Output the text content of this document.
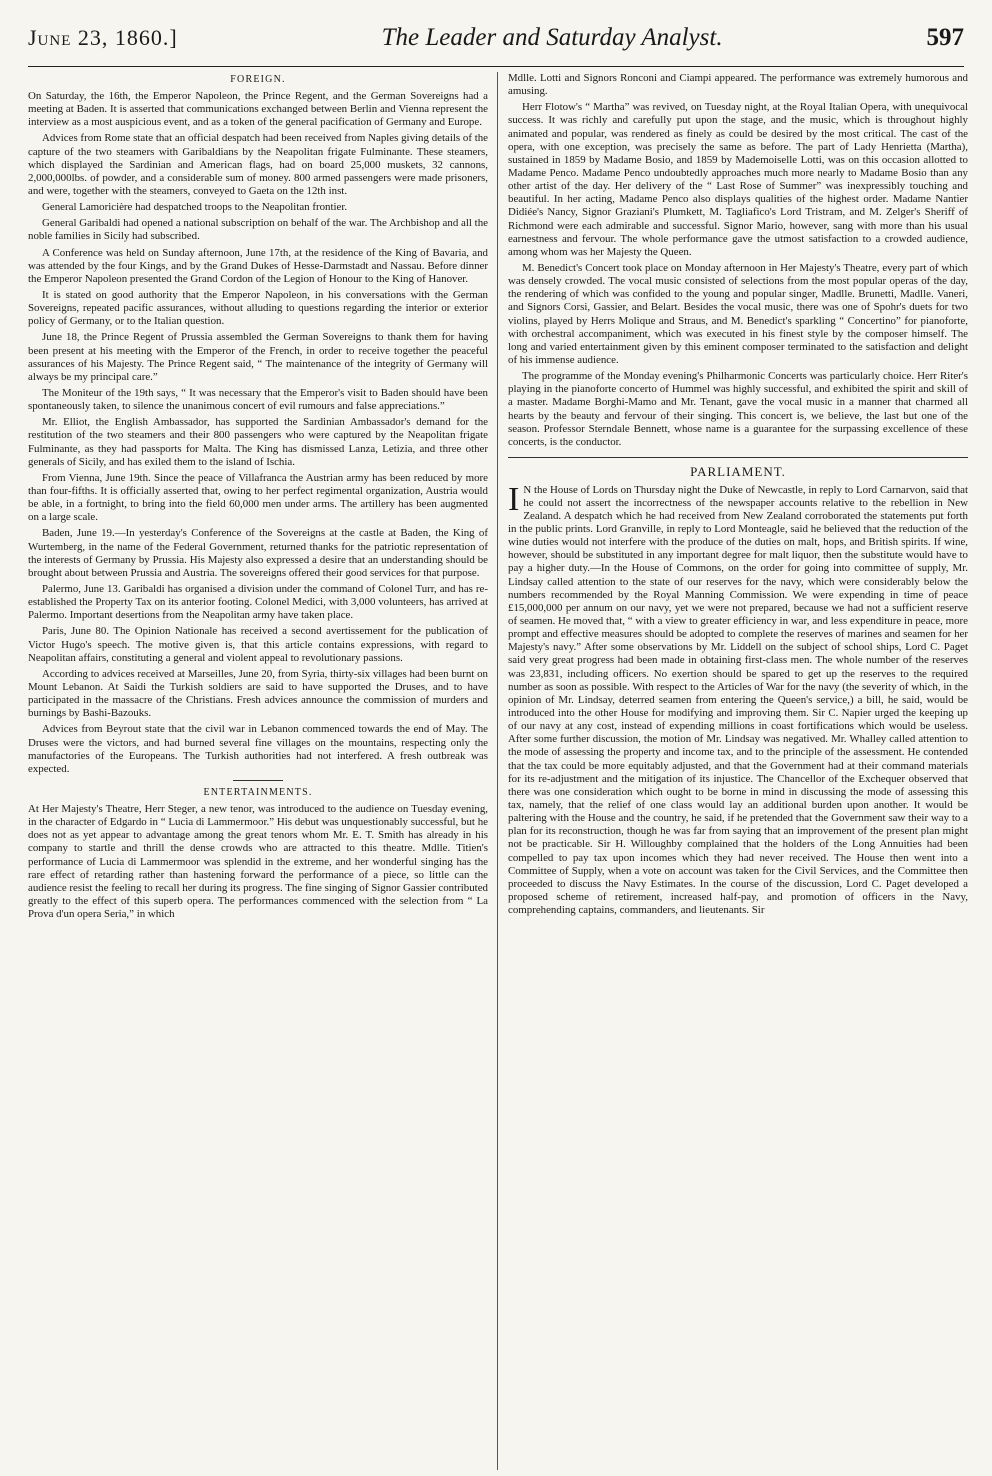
June 23, 1860.]	The Leader and Saturday Analyst.	597
FOREIGN.

On Saturday, the 16th, the Emperor Napoleon, the Prince Regent, and the German Sovereigns had a meeting at Baden. It is asserted that communications exchanged between Berlin and Vienna represent the interview as a most auspicious event, and as a token of the general pacification of Germany and Europe.

Advices from Rome state that an official despatch had been received from Naples giving details of the capture of the two steamers with Garibaldians by the Neapolitan frigate Fulminante. These steamers, which displayed the Sardinian and American flags, had on board 25,000 muskets, 32 cannons, 2,000,000lbs. of powder, and a considerable sum of money. 800 armed passengers were made prisoners, and were, together with the steamers, conveyed to Gaeta on the 12th inst.

General Lamoricière had despatched troops to the Neapolitan frontier.

General Garibaldi had opened a national subscription on behalf of the war. The Archbishop and all the noble families in Sicily had subscribed.

A Conference was held on Sunday afternoon, June 17th, at the residence of the King of Bavaria, and was attended by the four Kings, and by the Grand Dukes of Hesse-Darmstadt and Nassau. Before dinner the Emperor Napoleon presented the Grand Cordon of the Legion of Honour to the King of Hanover.

It is stated on good authority that the Emperor Napoleon, in his conversations with the German Sovereigns, repeated pacific assurances, without alluding to questions regarding the interior or exterior policy of Germany, or to the Italian question.

June 18, the Prince Regent of Prussia assembled the German Sovereigns to thank them for having been present at his meeting with the Emperor of the French, in order to receive together the peaceful assurances of his Majesty. The Prince Regent said, “ The maintenance of the integrity of Germany will always be my principal care.”

The Moniteur of the 19th says, “ It was necessary that the Emperor's visit to Baden should have been spontaneously taken, to silence the unanimous concert of evil rumours and false appreciations.”

Mr. Elliot, the English Ambassador, has supported the Sardinian Ambassador's demand for the restitution of the two steamers and their 800 passengers who were captured by the Neapolitan frigate Fulminante, as they had passports for Malta. The King has dismissed Lanza, Letizia, and three other generals of Sicily, and has exiled them to the island of Ischia.

From Vienna, June 19th. Since the peace of Villafranca the Austrian army has been reduced by more than four-fifths. It is officially asserted that, owing to her perfect regimental organization, Austria would be able, in a fortnight, to bring into the field 60,000 men under arms. The artillery has been augmented on a large scale.

Baden, June 19.—In yesterday's Conference of the Sovereigns at the castle at Baden, the King of Wurtemberg, in the name of the Federal Government, returned thanks for the patriotic representation of the interests of Germany by Prussia. His Majesty also expressed a desire that an understanding should be brought about between Prussia and Austria. The sovereigns offered their good services for that purpose.

Palermo, June 13. Garibaldi has organised a division under the command of Colonel Turr, and has re-established the Property Tax on its anterior footing. Colonel Medici, with 3,000 volunteers, has arrived at Palermo. Important desertions from the Neapolitan army have taken place.

Paris, June 80. The Opinion Nationale has received a second avertissement for the publication of Victor Hugo's speech. The motive given is, that this article contains expressions, with regard to Neapolitan affairs, constituting a general and violent appeal to revolutionary passions.

According to advices received at Marseilles, June 20, from Syria, thirty-six villages had been burnt on Mount Lebanon. At Saidi the Turkish soldiers are said to have supported the Druses, and to have participated in the massacre of the Christians. Fresh advices announce the commission of murders and burnings by Bashi-Bazouks.

Advices from Beyrout state that the civil war in Lebanon commenced towards the end of May. The Druses were the victors, and had burned several fine villages on the mountains, respecting only the manufactories of the Europeans. The Turkish authorities had not interfered. A fresh outbreak was expected.

ENTERTAINMENTS.

At Her Majesty's Theatre, Herr Steger, a new tenor, was introduced to the audience on Tuesday evening, in the character of Edgardo in “ Lucia di Lammermoor.” His debut was unquestionably successful, but he does not as yet appear to advantage among the great tenors whom Mr. E. T. Smith has already in his company to startle and thrill the dense crowds who are attracted to this theatre. Mdlle. Titien's performance of Lucia di Lammermoor was splendid in the extreme, and her wonderful singing has the rare effect of retarding rather than hastening forward the performance of a piece, so little can the audience resist the feeling to recall her during its progress. The fine singing of Signor Gassier contributed greatly to the effect of this superb opera. The performances commenced with the selection from “ La Prova d'un opera Seria,” in which

Mdlle. Lotti and Signors Ronconi and Ciampi appeared. The performance was extremely humorous and amusing.

Herr Flotow's “ Martha” was revived, on Tuesday night, at the Royal Italian Opera, with unequivocal success. It was richly and carefully put upon the stage, and the music, which is throughout highly animated and popular, was rendered as finely as could be desired by the most critical. The cast of the opera, with one exception, was precisely the same as before. The part of Lady Henrietta (Martha), sustained in 1859 by Madame Bosio, and 1859 by Mademoiselle Lotti, was on this occasion allotted to Madame Penco. Madame Penco undoubtedly approaches much more nearly to Madame Bosio than any other artist of the day. Her delivery of the “ Last Rose of Summer” was inexpressibly touching and beautiful. In her acting, Madame Penco also displays qualities of the highest order. Madame Nantier Didiée's Nancy, Signor Graziani's Plumkett, M. Tagliafico's Lord Tristram, and M. Zelger's Sheriff of Richmond were each admirable and successful. Signor Mario, however, sang with more than his usual earnestness and fervour. The whole performance gave the utmost satisfaction to a crowded audience, among whom was her Majesty the Queen.

M. Benedict's Concert took place on Monday afternoon in Her Majesty's Theatre, every part of which was densely crowded. The vocal music consisted of selections from the most popular operas of the day, the rendering of which was confided to the young and popular singer, Madlle. Brunetti, Madlle. Vaneri, and Signors Corsi, Gassier, and Belart. Besides the vocal music, there was one of Spohr's duets for two violins, played by Herrs Molique and Straus, and M. Benedict's sparkling “ Concertino” for pianoforte, with orchestral accompaniment, which was executed in his finest style by the composer himself. The long and varied entertainment given by this eminent composer terminated to the satisfaction and delight of his immense audience.

The programme of the Monday evening's Philharmonic Concerts was particularly choice. Herr Riter's playing in the pianoforte concerto of Hummel was highly successful, and exhibited the spirit and skill of a master. Madame Borghi-Mamo and Mr. Tenant, gave the vocal music in a manner that charmed all hearts by the beauty and fervour of their singing. This concert is, we believe, the last but one of the season. Professor Sterndale Bennett, whose name is a guarantee for the surpassing excellence of these concerts, is the conductor.

PARLIAMENT.

I N the House of Lords on Thursday night the Duke of Newcastle, in reply to Lord Carnarvon, said that he could not assert the incorrectness of the newspaper accounts relative to the rebellion in New Zealand. A despatch which he had received from New Zealand corroborated the statements put forth in the public prints. Lord Granville, in reply to Lord Monteagle, said he believed that the reduction of the wine duties would not interfere with the produce of the duties on malt, hops, and British spirits. If wine, however, should be substituted in any important degree for malt liquor, then the substitute would have to pay a higher duty.—In the House of Commons, on the order for going into committee of supply, Mr. Lindsay called attention to the state of our reserves for the navy, which were considerably below the numbers recommended by the Royal Manning Commission. We were expending in time of peace £15,000,000 per annum on our navy, yet we were not prepared, because we had not a sufficient reserve of seamen. He moved that, “ with a view to greater efficiency in war, and less expenditure in peace, more prompt and effective measures should be adopted to complete the reserves of marines and seamen for her Majesty's navy.” After some observations by Mr. Liddell on the subject of school ships, Lord C. Paget said very great progress had been made in obtaining first-class men. The whole number of the reserves was 23,831, including officers. No exertion should be spared to get up the reserves to the required number as soon as possible. With respect to the Articles of War for the navy (the severity of which, in the opinion of Mr. Lindsay, deterred seamen from entering the Queen's service,) a bill, he said, would be introduced into the other House for modifying and improving them. Sir C. Napier urged the keeping up of our navy at any cost, instead of expending millions in coast fortifications which would be useless. After some further discussion, the motion of Mr. Lindsay was negatived. Mr. Whalley called attention to the mode of assessing the property and income tax, and to the principle of the assessment. He contended that the tax could be more equitably adjusted, and that the Government had at their command materials for its re-adjustment and the mitigation of its injustice. The Chancellor of the Exchequer observed that there was one consideration which ought to be borne in mind in discussing the mode of assessing this tax, namely, that the relief of one class would lay an additional burden upon another. It would be paltering with the House and the country, he said, if he pretended that the Government saw their way to a plan for its reconstruction, though he was far from saying that an improvement of the present plan might not be practicable. Sir H. Willoughby complained that the holders of the Long Annuities had been compelled to pay tax upon incomes which they had never received. The House then went into a Committee of Supply, when a vote on account was taken for the Civil Services, and the Committee then proceeded to discuss the Navy Estimates. In the course of the discussion, Lord C. Paget developed a proposed scheme of retirement, increased half-pay, and promotion of officers in the Navy, comprehending captains, commanders, and lieutenants. Sir
